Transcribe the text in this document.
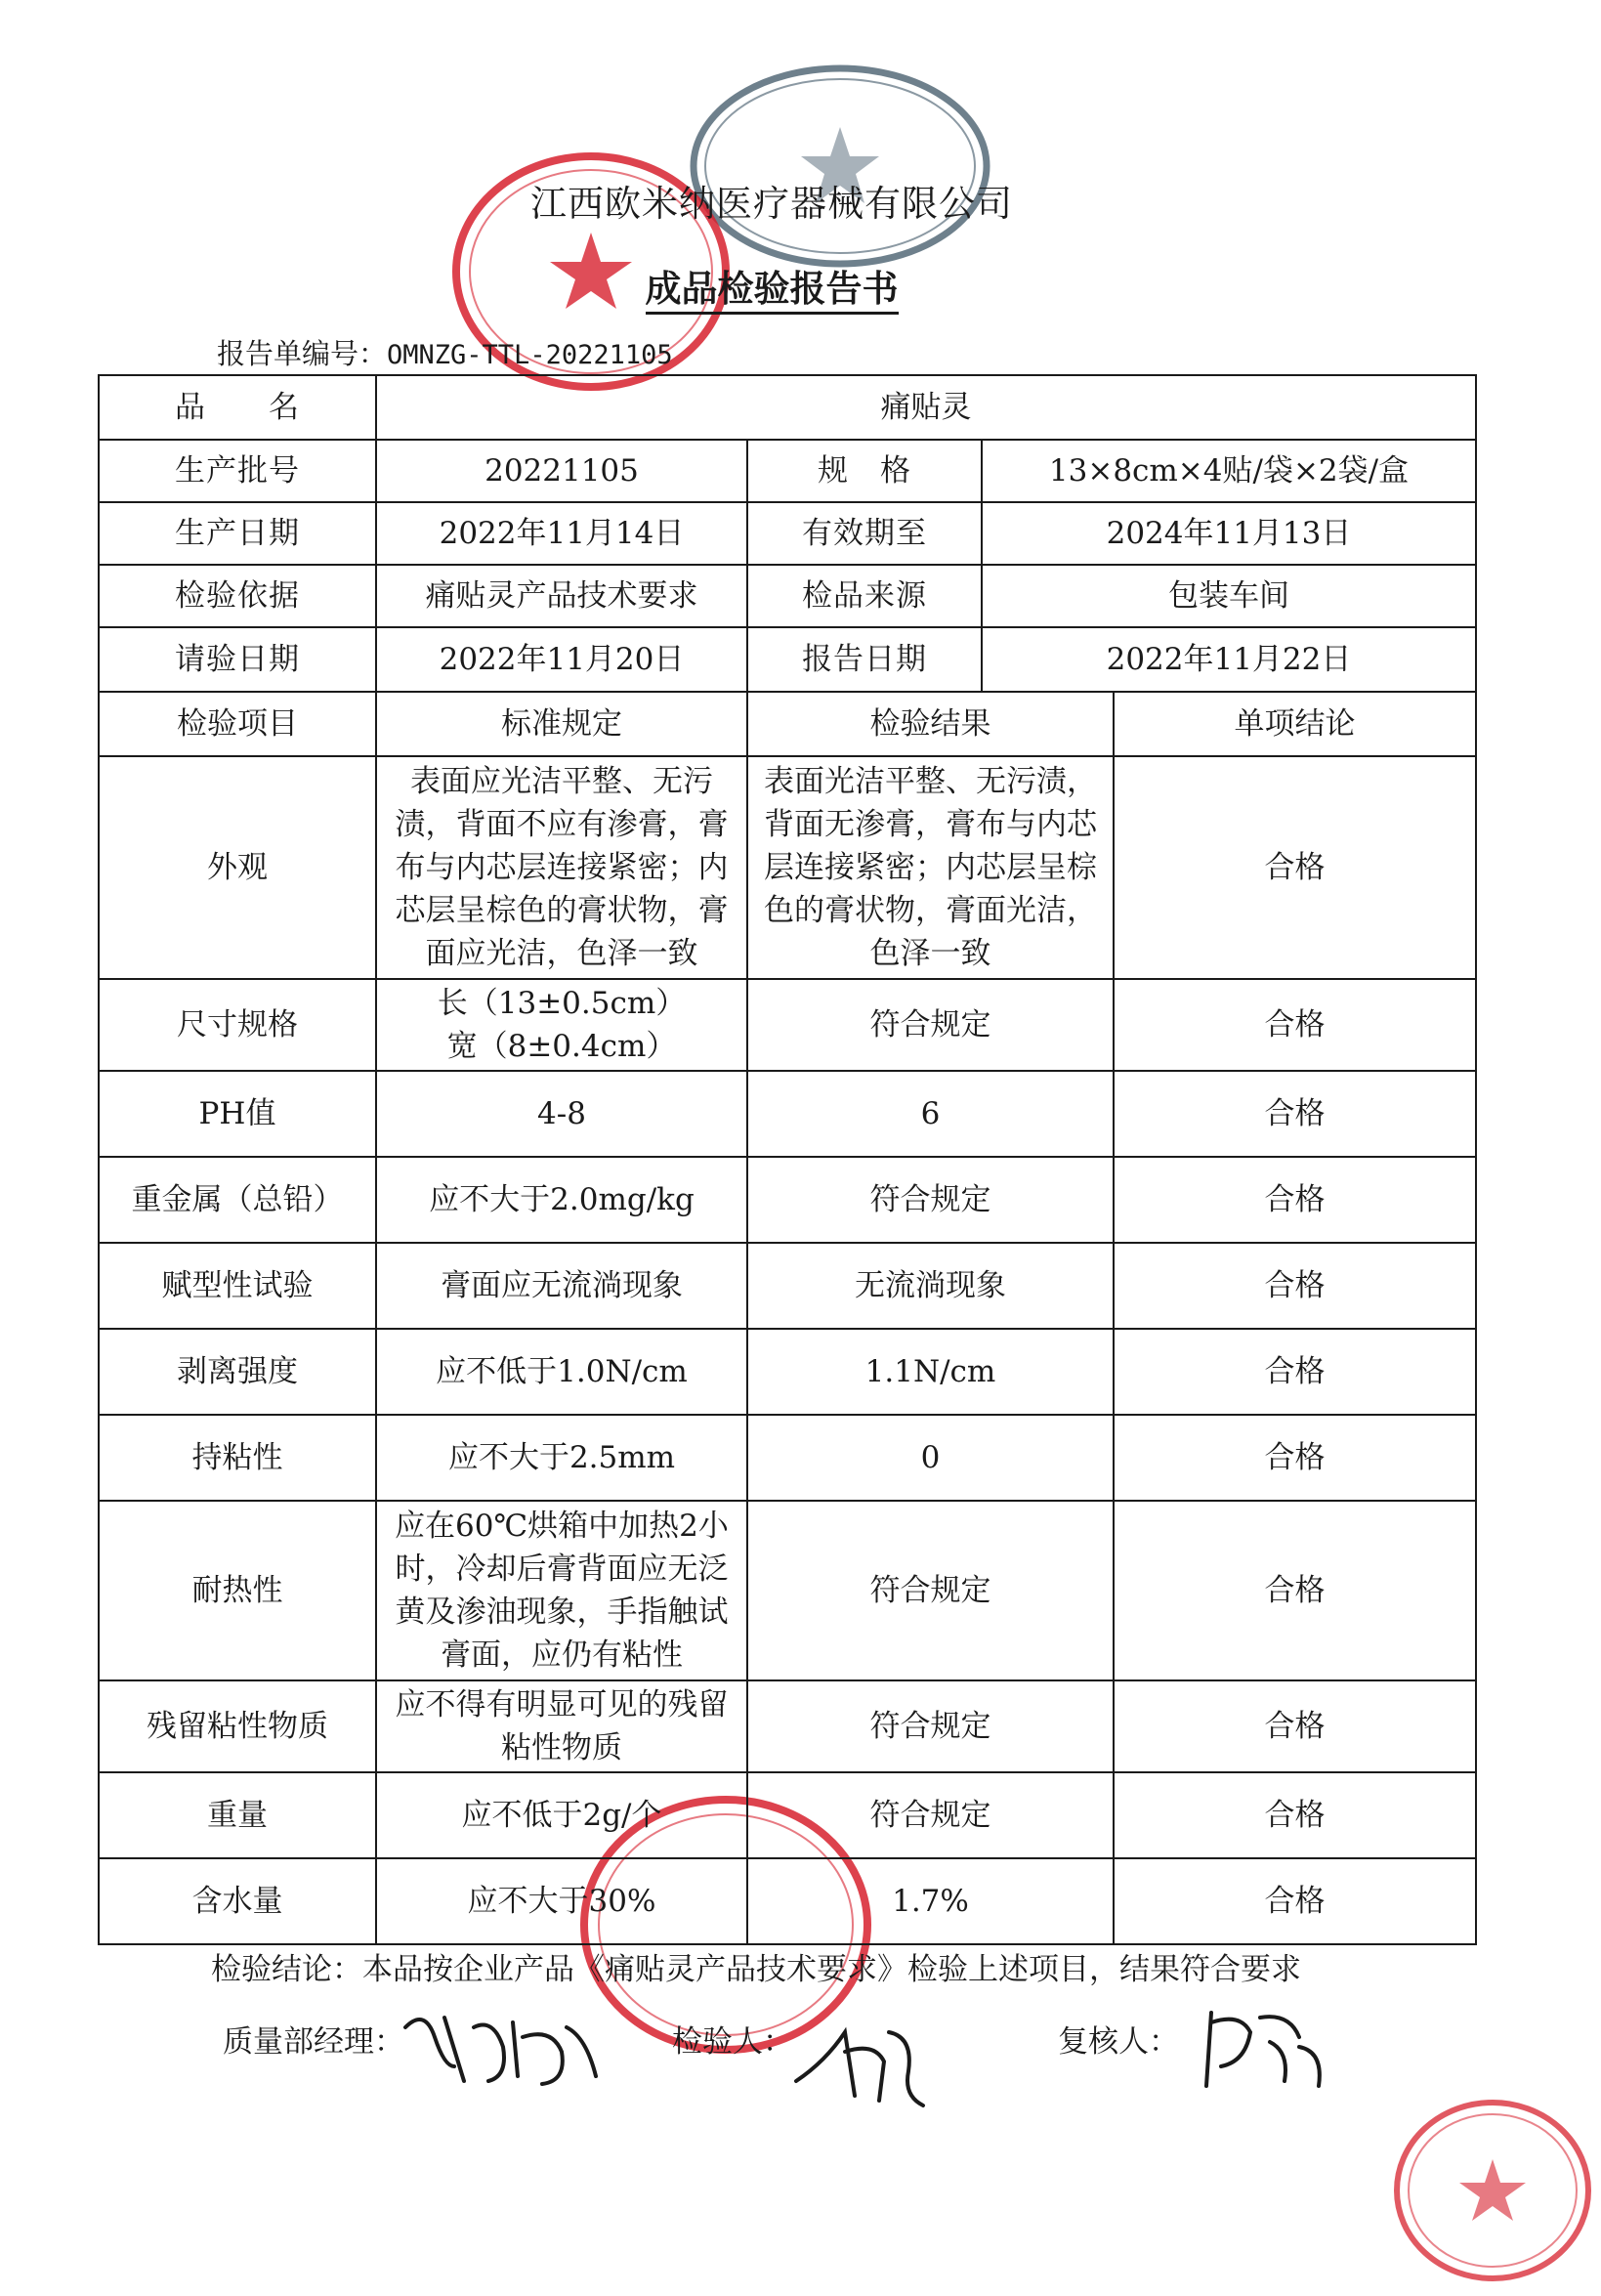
江西欧米纳医疗器械有限公司
成品检验报告书
报告单编号：OMNZG-TTL-20221105
品　　名	痛贴灵			
生产批号	20221105	规　格	13×8cm×4贴/袋×2袋/盒	
生产日期	2022年11月14日	有效期至	2024年11月13日	
检验依据	痛贴灵产品技术要求	检品来源	包装车间	
请验日期	2022年11月20日	报告日期	2022年11月22日	
检验项目	标准规定	检验结果		单项结论
外观	表面应光洁平整、无污渍，背面不应有渗膏，膏布与内芯层连接紧密；内芯层呈棕色的膏状物，膏面应光洁，色泽一致	表面光洁平整、无污渍，背面无渗膏，膏布与内芯层连接紧密；内芯层呈棕色的膏状物，膏面光洁，色泽一致		合格
尺寸规格	长（13±0.5cm）
宽（8±0.4cm）	符合规定		合格
PH值	4-8	6		合格
重金属（总铅）	应不大于2.0mg/kg	符合规定		合格
赋型性试验	膏面应无流淌现象	无流淌现象		合格
剥离强度	应不低于1.0N/cm	1.1N/cm		合格
持粘性	应不大于2.5mm	0		合格
耐热性	应在60℃烘箱中加热2小时，冷却后膏背面应无泛黄及渗油现象，手指触试膏面，应仍有粘性	符合规定		合格
残留粘性物质	应不得有明显可见的残留粘性物质	符合规定		合格
重量	应不低于2g/个	符合规定		合格
含水量	应不大于30%	1.7%		合格
检验结论：本品按企业产品《痛贴灵产品技术要求》检验上述项目，结果符合要求
质量部经理：	检验人：	复核人：
